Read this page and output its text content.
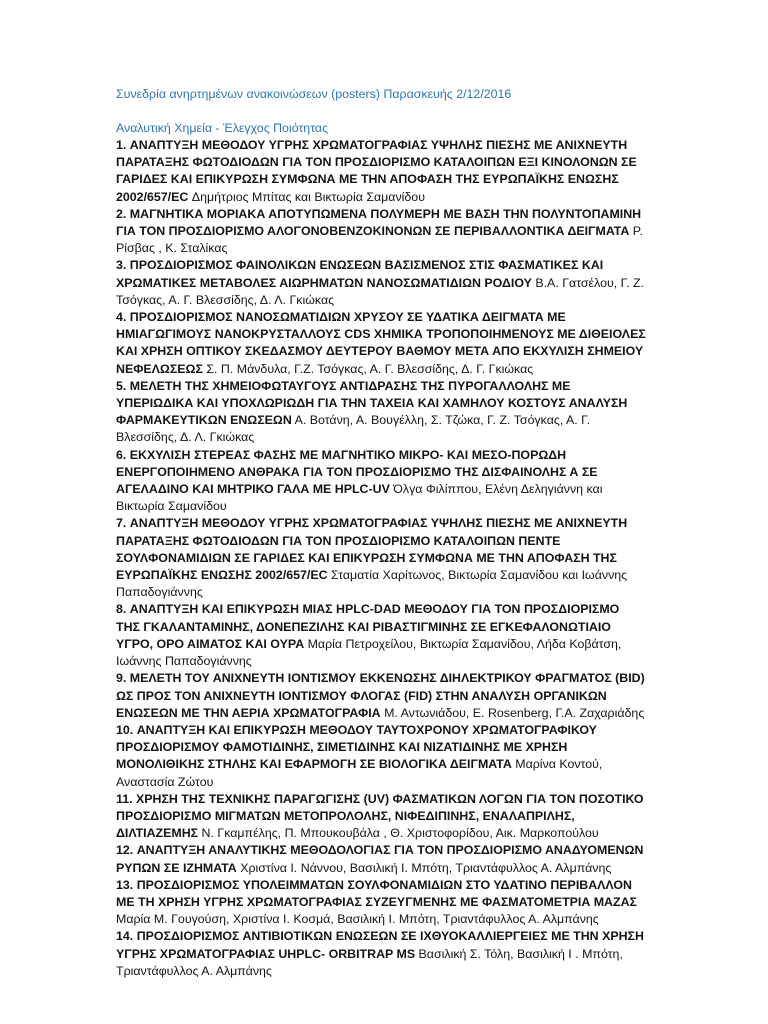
Συνεδρία ανηρτημένων ανακοινώσεων (posters) Παρασκευής 2/12/2016

Αναλυτική Χημεία - Έλεγχος Ποιότητας

1. ΑΝΑΠΤΥΞΗ ΜΕΘΟΔΟΥ ΥΓΡΗΣ ΧΡΩΜΑΤΟΓΡΑΦΙΑΣ ΥΨΗΛΗΣ ΠΙΕΣΗΣ ΜΕ ΑΝΙΧΝΕΥΤΗ ΠΑΡΑΤΑΞΗΣ ΦΩΤΟΔΙΟΔΩΝ ΓΙΑ ΤΟΝ ΠΡΟΣΔΙΟΡΙΣΜΟ ΚΑΤΑΛΟΙΠΩΝ ΕΞΙ ΚΙΝΟΛΟΝΩΝ ΣΕ ΓΑΡΙΔΕΣ ΚΑΙ ΕΠΙΚΥΡΩΣΗ ΣΥΜΦΩΝΑ ΜΕ ΤΗΝ ΑΠΟΦΑΣΗ ΤΗΣ ΕΥΡΩΠΑΪΚΗΣ ΕΝΩΣΗΣ 2002/657/EC Δημήτριος Μπίτας και Βικτωρία Σαμανίδου

2. ΜΑΓΝΗΤΙΚΑ ΜΟΡΙΑΚΑ ΑΠΟΤΥΠΩΜΕΝΑ ΠΟΛΥΜΕΡΗ ΜΕ ΒΑΣΗ ΤΗΝ ΠΟΛΥΝΤΟΠΑΜΙΝΗ ΓΙΑ ΤΟΝ ΠΡΟΣΔΙΟΡΙΣΜΟ ΑΛΟΓΟΝΟΒΕΝΖΟΚΙΝΟΝΩΝ ΣΕ ΠΕΡΙΒΑΛΛΟΝΤΙΚΑ ΔΕΙΓΜΑΤΑ Ρ. Ρίσβας , Κ. Σταλίκας

3. ΠΡΟΣΔΙΟΡΙΣΜΟΣ ΦΑΙΝΟΛΙΚΩΝ ΕΝΩΣΕΩΝ ΒΑΣΙΣΜΕΝΟΣ ΣΤΙΣ ΦΑΣΜΑΤΙΚΕΣ ΚΑΙ ΧΡΩΜΑΤΙΚΕΣ ΜΕΤΑΒΟΛΕΣ ΑΙΩΡΗΜΑΤΩΝ ΝΑΝΟΣΩΜΑΤΙΔΙΩΝ ΡΟΔΙΟΥ Β.Α. Γατσέλου, Γ. Ζ. Τσόγκας, Α. Γ. Βλεσσίδης, Δ. Λ. Γκιώκας

4. ΠΡΟΣΔΙΟΡΙΣΜΟΣ ΝΑΝΟΣΩΜΑΤΙΔΙΩΝ ΧΡΥΣΟΥ ΣΕ ΥΔΑΤΙΚΑ ΔΕΙΓΜΑΤΑ ΜΕ ΗΜΙΑΓΩΓΙΜΟΥΣ ΝΑΝΟΚΡΥΣΤΑΛΛΟΥΣ CDS ΧΗΜΙΚΑ ΤΡΟΠΟΠΟΙΗΜΕΝΟΥΣ ΜΕ ΔΙΘΕΙΟΛΕΣ ΚΑΙ ΧΡΗΣΗ ΟΠΤΙΚΟΥ ΣΚΕΔΑΣΜΟΥ ΔΕΥΤΕΡΟΥ ΒΑΘΜΟΥ ΜΕΤΑ ΑΠΟ ΕΚΧΥΛΙΣΗ ΣΗΜΕΙΟΥ ΝΕΦΕΛΩΣΕΩΣ Σ. Π. Μάνδυλα, Γ.Ζ. Τσόγκας, Α. Γ. Βλεσσίδης, Δ. Γ. Γκιώκας

5. ΜΕΛΕΤΗ ΤΗΣ ΧΗΜΕΙΟΦΩΤΑΥΓΟΥΣ ΑΝΤΙΔΡΑΣΗΣ ΤΗΣ ΠΥΡΟΓΑΛΛΟΛΗΣ ΜΕ ΥΠΕΡΙΩΔΙΚΑ ΚΑΙ ΥΠΟΧΛΩΡΙΩΔΗ ΓΙΑ ΤΗΝ ΤΑΧΕΙΑ ΚΑΙ ΧΑΜΗΛΟΥ ΚΟΣΤΟΥΣ ΑΝΑΛΥΣΗ ΦΑΡΜΑΚΕΥΤΙΚΩΝ ΕΝΩΣΕΩΝ Α. Βοτάνη, Α. Βουγέλλη, Σ. Τζώκα, Γ. Ζ. Τσόγκας, Α. Γ. Βλεσσίδης, Δ. Λ. Γκιώκας

6. ΕΚΧΥΛΙΣΗ ΣΤΕΡΕΑΣ ΦΑΣΗΣ ΜΕ ΜΑΓΝΗΤΙΚΟ ΜΙΚΡΟ- ΚΑΙ ΜΕΣΟ-ΠΟΡΩΔΗ ΕΝΕΡΓΟΠΟΙΗΜΕΝΟ ΑΝΘΡΑΚΑ ΓΙΑ ΤΟΝ ΠΡΟΣΔΙΟΡΙΣΜΟ ΤΗΣ ΔΙΣΦΑΙΝΟΛΗΣ Α ΣΕ ΑΓΕΛΑΔΙΝΟ ΚΑΙ ΜΗΤΡΙΚΟ ΓΑΛΑ ΜΕ HPLC-UV Όλγα Φιλίππου, Ελένη Δεληγιάννη και Βικτωρία Σαμανίδου

7. ΑΝΑΠΤΥΞΗ ΜΕΘΟΔΟΥ ΥΓΡΗΣ ΧΡΩΜΑΤΟΓΡΑΦΙΑΣ ΥΨΗΛΗΣ ΠΙΕΣΗΣ ΜΕ ΑΝΙΧΝΕΥΤΗ ΠΑΡΑΤΑΞΗΣ ΦΩΤΟΔΙΟΔΩΝ ΓΙΑ ΤΟΝ ΠΡΟΣΔΙΟΡΙΣΜΟ ΚΑΤΑΛΟΙΠΩΝ ΠΕΝΤΕ ΣΟΥΛΦΟΝΑΜΙΔΙΩΝ ΣΕ ΓΑΡΙΔΕΣ ΚΑΙ ΕΠΙΚΥΡΩΣΗ ΣΥΜΦΩΝΑ ΜΕ ΤΗΝ ΑΠΟΦΑΣΗ ΤΗΣ ΕΥΡΩΠΑΪΚΗΣ ΕΝΩΣΗΣ 2002/657/EC Σταματία Χαρίτωνος, Βικτωρία Σαμανίδου και Ιωάννης Παπαδογιάννης

8. ΑΝΑΠΤΥΞΗ ΚΑΙ ΕΠΙΚΥΡΩΣΗ ΜΙΑΣ HPLC-DAD ΜΕΘΟΔΟΥ ΓΙΑ ΤΟΝ ΠΡΟΣΔΙΟΡΙΣΜΟ ΤΗΣ ΓΚΑΛΑΝΤΑΜΙΝΗΣ, ΔΟΝΕΠΕΖΙΛΗΣ ΚΑΙ ΡΙΒΑΣΤΙΓΜΙΝΗΣ ΣΕ ΕΓΚΕΦΑΛΟΝΩΤΙΑΙΟ ΥΓΡΟ, ΟΡΟ ΑΙΜΑΤΟΣ ΚΑΙ ΟΥΡΑ Μαρία Πετροχείλου, Βικτωρία Σαμανίδου, Λήδα Κοβάτση, Ιωάννης Παπαδογιάννης

9. ΜΕΛΕΤΗ ΤΟΥ ΑΝΙΧΝΕΥΤΗ ΙΟΝΤΙΣΜΟΥ ΕΚΚΕΝΩΣΗΣ ΔΙΗΛΕΚΤΡΙΚΟΥ ΦΡΑΓΜΑΤΟΣ (BID) ΩΣ ΠΡΟΣ ΤΟΝ ΑΝΙΧΝΕΥΤΗ ΙΟΝΤΙΣΜΟΥ ΦΛΟΓΑΣ (FID) ΣΤΗΝ ΑΝΑΛΥΣΗ ΟΡΓΑΝΙΚΩΝ ΕΝΩΣΕΩΝ ΜΕ ΤΗΝ ΑΕΡΙΑ ΧΡΩΜΑΤΟΓΡΑΦΙΑ Μ. Αντωνιάδου, E. Rosenberg, Γ.Α. Ζαχαριάδης

10. ΑΝΑΠΤΥΞΗ ΚΑΙ ΕΠΙΚΥΡΩΣΗ ΜΕΘΟΔΟΥ ΤΑΥΤΟΧΡΟΝΟΥ ΧΡΩΜΑΤΟΓΡΑΦΙΚΟΥ ΠΡΟΣΔΙΟΡΙΣΜΟΥ ΦΑΜΟΤΙΔΙΝΗΣ, ΣΙΜΕΤΙΔΙΝΗΣ ΚΑΙ ΝΙΖΑΤΙΔΙΝΗΣ ΜΕ ΧΡΗΣΗ ΜΟΝΟΛΙΘΙΚΗΣ ΣΤΗΛΗΣ ΚΑΙ ΕΦΑΡΜΟΓΗ ΣΕ ΒΙΟΛΟΓΙΚΑ ΔΕΙΓΜΑΤΑ Μαρίνα Κοντού, Αναστασία Ζώτου

11. ΧΡΗΣΗ ΤΗΣ ΤΕΧΝΙΚΗΣ ΠΑΡΑΓΩΓΙΣΗΣ (UV) ΦΑΣΜΑΤΙΚΩΝ ΛΟΓΩΝ ΓΙΑ ΤΟΝ ΠΟΣΟΤΙΚΟ ΠΡΟΣΔΙΟΡΙΣΜΟ ΜΙΓΜΑΤΩΝ ΜΕΤΟΠΡΟΛΟΛΗΣ, ΝΙΦΕΔΙΠΙΝΗΣ, ΕΝΑΛΑΠΡΙΛΗΣ, ΔΙΛΤΙΑΖΕΜΗΣ Ν. Γκαμπέλης, Π. Μπουκουβάλα , Θ. Χριστοφορίδου, Αικ. Μαρκοπούλου

12. ΑΝΑΠΤΥΞΗ ΑΝΑΛΥΤΙΚΗΣ ΜΕΘΟΔΟΛΟΓΙΑΣ ΓΙΑ ΤΟΝ ΠΡΟΣΔΙΟΡΙΣΜΟ ΑΝΑΔΥΟΜΕΝΩΝ ΡΥΠΩΝ ΣΕ ΙΖΗΜΑΤΑ Χριστίνα Ι. Νάννου, Βασιλική Ι. Μπότη, Τριαντάφυλλος Α. Αλμπάνης

13. ΠΡΟΣΔΙΟΡΙΣΜΟΣ ΥΠΟΛΕΙΜΜΑΤΩΝ ΣΟΥΛΦΟΝΑΜΙΔΙΩΝ ΣΤΟ ΥΔΑΤΙΝΟ ΠΕΡΙΒΑΛΛΟΝ ΜΕ ΤΗ ΧΡΗΣΗ ΥΓΡΗΣ ΧΡΩΜΑΤΟΓΡΑΦΙΑΣ ΣΥΖΕΥΓΜΕΝΗΣ ΜΕ ΦΑΣΜΑΤΟΜΕΤΡΙΑ ΜΑΖΑΣ Μαρία Μ. Γουγούση, Χριστίνα Ι. Κοσμά, Βασιλική Ι. Μπότη, Τριαντάφυλλος Α. Αλμπάνης

14. ΠΡΟΣΔΙΟΡΙΣΜΟΣ ΑΝΤΙΒΙΟΤΙΚΩΝ ΕΝΩΣΕΩΝ ΣΕ ΙΧΘΥΟΚΑΛΛΙΕΡΓΕΙΕΣ ΜΕ ΤΗΝ ΧΡΗΣΗ ΥΓΡΗΣ ΧΡΩΜΑΤΟΓΡΑΦΙΑΣ UHPLC- ORBITRAP MS Βασιλική Σ. Τόλη, Βασιλική Ι . Μπότη, Τριαντάφυλλος Α. Αλμπάνης
